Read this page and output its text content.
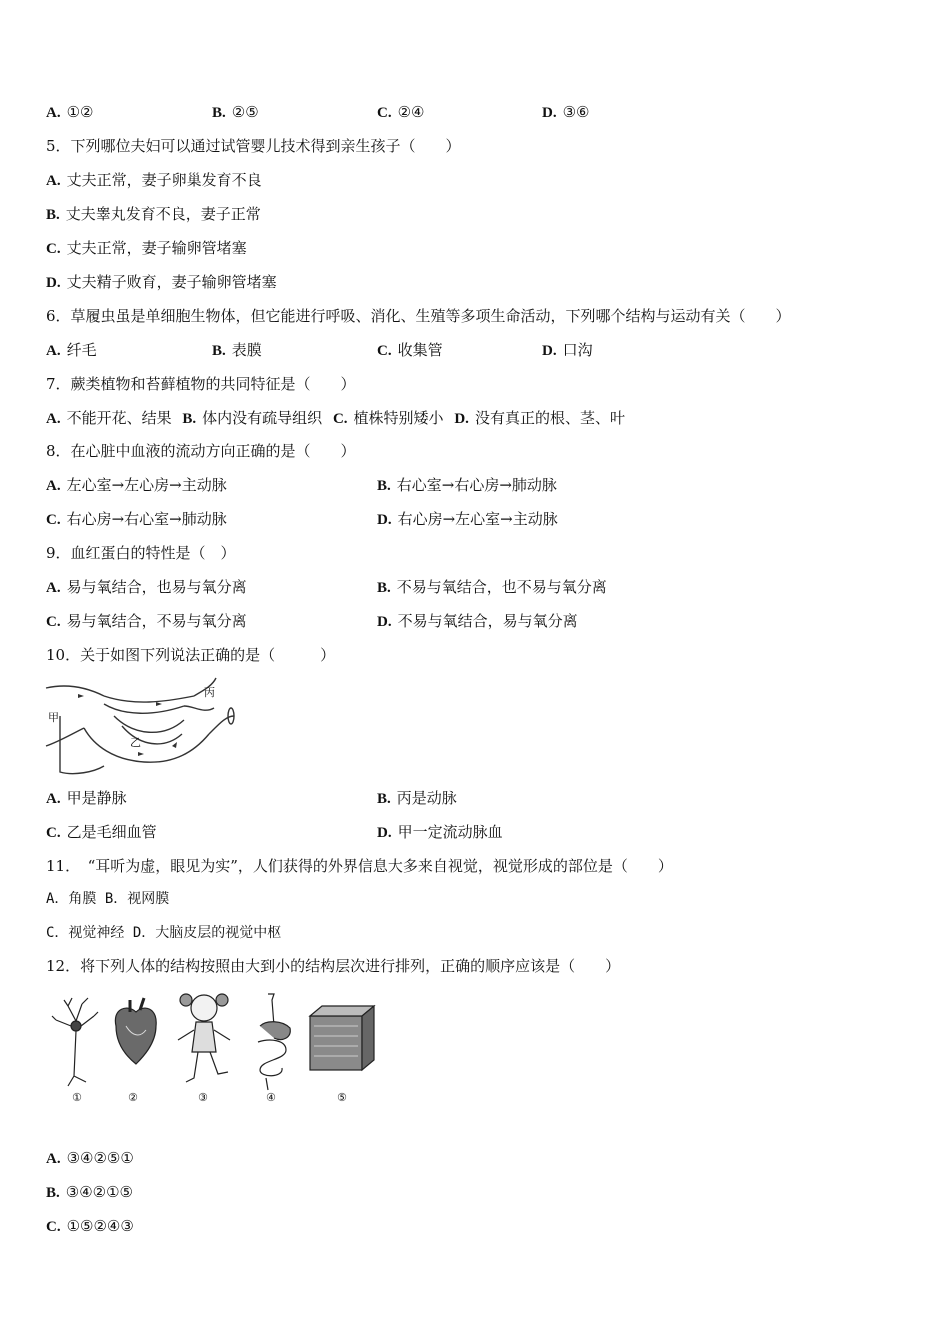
A. ①②	B. ②⑤	C. ②④	D. ③⑥
5．下列哪位夫妇可以通过试管婴儿技术得到亲生孩子（　　）
A. 丈夫正常，妻子卵巢发育不良
B. 丈夫睾丸发育不良，妻子正常
C. 丈夫正常，妻子输卵管堵塞
D. 丈夫精子败育，妻子输卵管堵塞
6．草履虫虽是单细胞生物体，但它能进行呼吸、消化、生殖等多项生命活动，下列哪个结构与运动有关（　　）
A. 纤毛	B. 表膜	C. 收集管	D. 口沟
7．蕨类植物和苔藓植物的共同特征是（　　）
A. 不能开花、结果 B. 体内没有疏导组织 C. 植株特别矮小 D. 没有真正的根、茎、叶
8．在心脏中血液的流动方向正确的是（　　）
A. 左心室→左心房→主动脉	B. 右心室→右心房→肺动脉
C. 右心房→右心室→肺动脉	D. 右心房→左心室→主动脉
9．血红蛋白的特性是（　）
A. 易与氧结合，也易与氧分离	B. 不易与氧结合，也不易与氧分离
C. 易与氧结合，不易与氧分离	D. 不易与氧结合，易与氧分离
10．关于如图下列说法正确的是（　　　）
甲
乙
丙
A. 甲是静脉	B. 丙是动脉
C. 乙是毛细血管	D. 甲一定流动脉血
11．　“耳听为虚，眼见为实”，人们获得的外界信息大多来自视觉，视觉形成的部位是（　　）
A．角膜 B．视网膜
C．视觉神经 D．大脑皮层的视觉中枢
12．将下列人体的结构按照由大到小的结构层次进行排列，正确的顺序应该是（　　）
①	②	③	④	⑤
A. ③④②⑤①
B. ③④②①⑤
C. ①⑤②④③
